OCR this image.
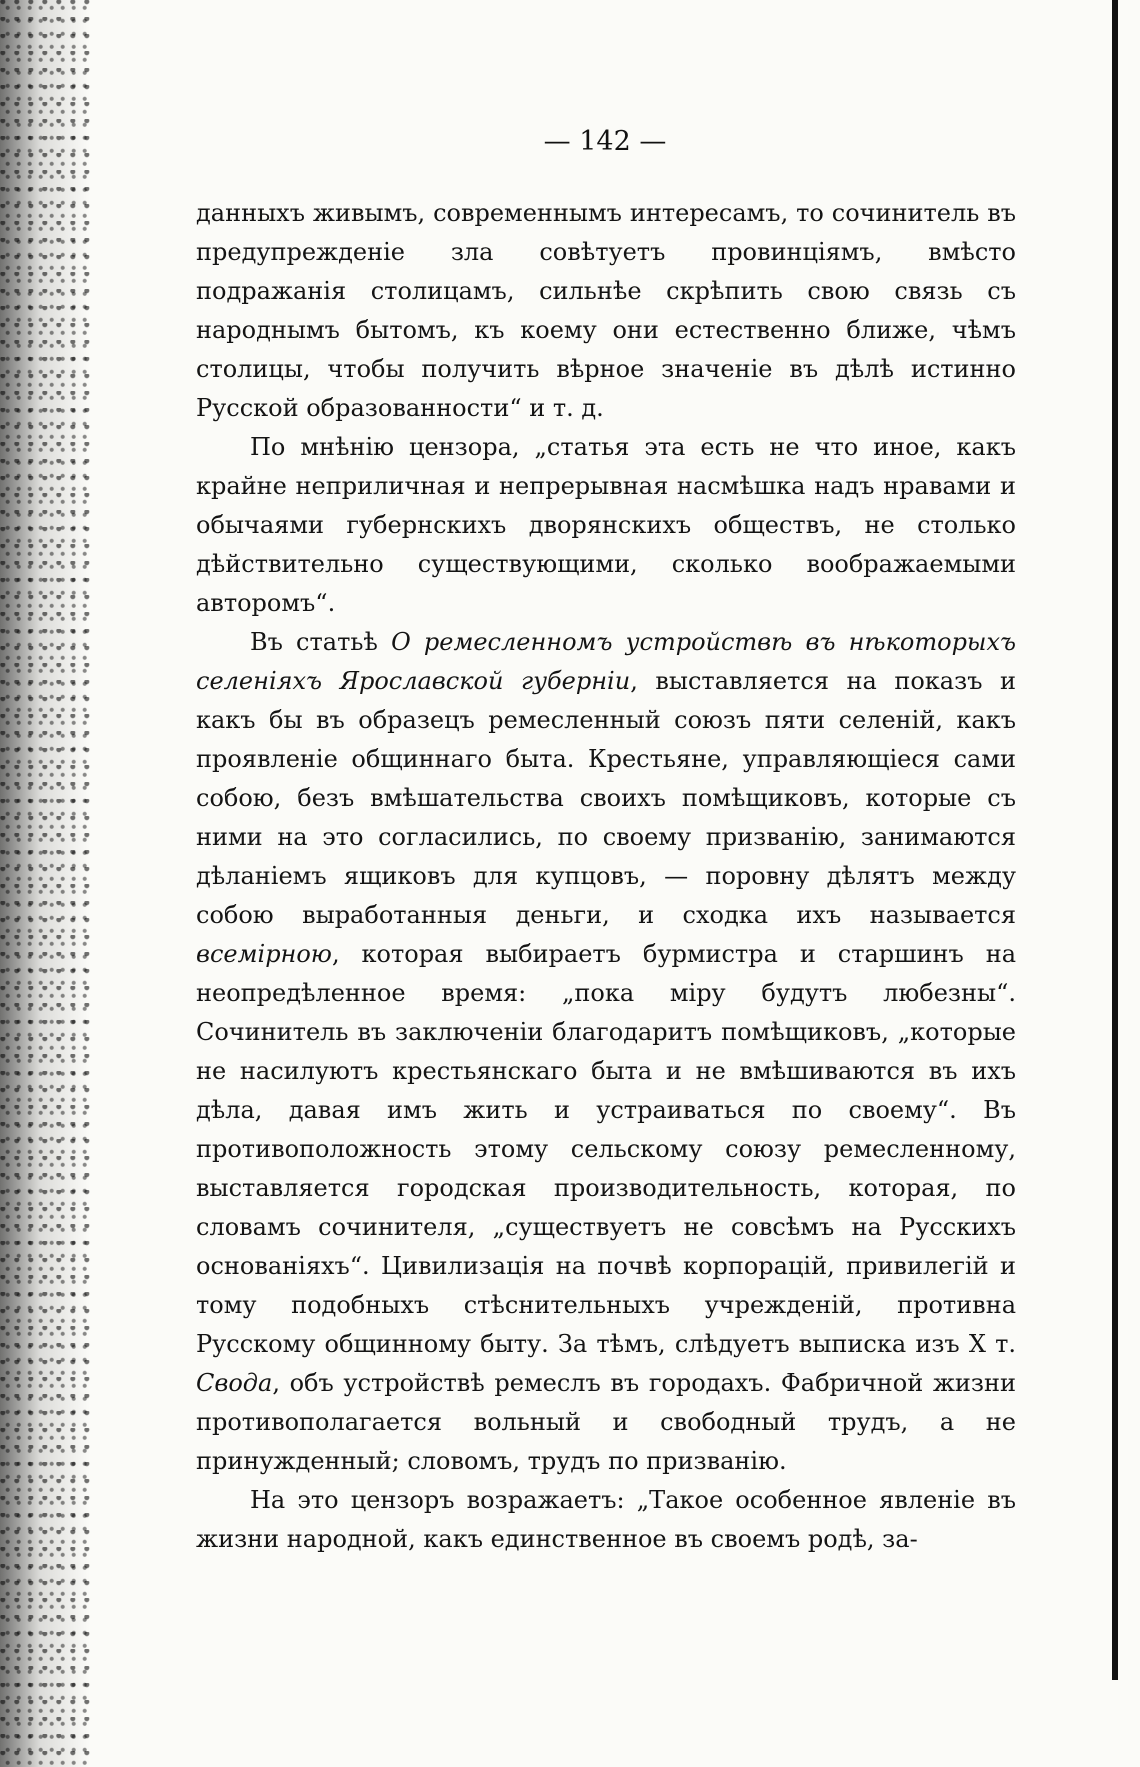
— 142 —

данныхъ живымъ, современнымъ интересамъ, то сочинитель въ предупрежденіе зла совѣтуетъ провинціямъ, вмѣсто подражанія столицамъ, сильнѣе скрѣпить свою связь съ народнымъ бытомъ, къ коему они естественно ближе, чѣмъ столицы, чтобы получить вѣрное значеніе въ дѣлѣ истинно Русской образованности“ и т. д.

По мнѣнію цензора, „статья эта есть не что иное, какъ крайне неприличная и непрерывная насмѣшка надъ нравами и обычаями губернскихъ дворянскихъ обществъ, не столько дѣйствительно существующими, сколько воображаемыми авторомъ“.

Въ статьѣ О ремесленномъ устройствѣ въ нѣкоторыхъ селеніяхъ Ярославской губерніи, выставляется на показъ и какъ бы въ образецъ ремесленный союзъ пяти селеній, какъ проявленіе общиннаго быта. Крестьяне, управляющіеся сами собою, безъ вмѣшательства своихъ помѣщиковъ, которые съ ними на это согласились, по своему призванію, занимаются дѣланіемъ ящиковъ для купцовъ, — поровну дѣлятъ между собою выработанныя деньги, и сходка ихъ называется всемірною, которая выбираетъ бурмистра и старшинъ на неопредѣленное время: „пока міру будутъ любезны“. Сочинитель въ заключеніи благодаритъ помѣщиковъ, „которые не насилуютъ крестьянскаго быта и не вмѣшиваются въ ихъ дѣла, давая имъ жить и устраиваться по своему“. Въ противоположность этому сельскому союзу ремесленному, выставляется городская производительность, которая, по словамъ сочинителя, „существуетъ не совсѣмъ на Русскихъ основаніяхъ“. Цивилизація на почвѣ корпорацій, привилегій и тому подобныхъ стѣснительныхъ учрежденій, противна Русскому общинному быту. За тѣмъ, слѣдуетъ выписка изъ X т. Свода, объ устройствѣ ремеслъ въ городахъ. Фабричной жизни противополагается вольный и свободный трудъ, а не принужденный; словомъ, трудъ по призванію.

На это цензоръ возражаетъ: „Такое особенное явленіе въ жизни народной, какъ единственное въ своемъ родѣ, за-
